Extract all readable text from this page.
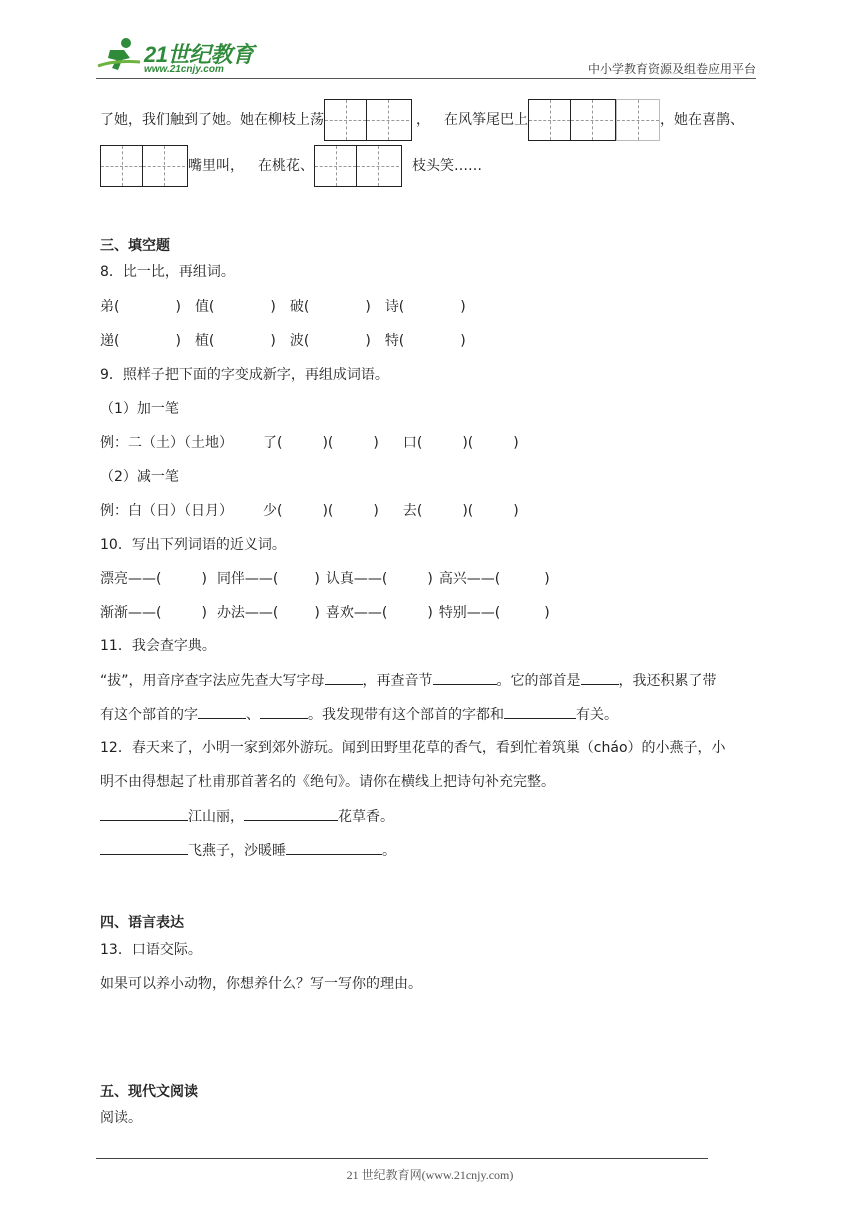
21世纪教育
www.21cnjy.com	中小学教育资源及组卷应用平台
了她，我们触到了她。她在柳枝上荡	， 在风筝尾巴上	，她在喜鹊、
嘴里叫， 在桃花、	枝头笑……
三、填空题
8．比一比，再组词。
弟(	) 值(	) 破(	) 诗(	)
递(	) 植(	) 波(	) 特(	)
9．照样子把下面的字变成新字，再组成词语。
（1）加一笔
例：二（土）（土地） 了(	)(	) 口(	)(	)
（2）减一笔
例：白（日）（日月） 少(	)(	) 去(	)(	)
10．写出下列词语的近义词。
漂亮——(	) 同伴——(	) 认真——(	) 高兴——(	)
渐渐——(	) 办法——(	) 喜欢——(	) 特别——(	)
11．我会查字典。
“拔”，用音序查字法应先查大写字母	，再查音节	。它的部首是	，我还积累了带
有这个部首的字	、	。我发现带有这个部首的字都和	有关。
12．春天来了，小明一家到郊外游玩。闻到田野里花草的香气，看到忙着筑巢（cháo）的小燕子，小
明不由得想起了杜甫那首著名的《绝句》。请你在横线上把诗句补充完整。
江山丽，	花草香。
飞燕子，沙暖睡	。
四、语言表达
13．口语交际。
如果可以养小动物，你想养什么？写一写你的理由。
五、现代文阅读
阅读。
21 世纪教育网(www.21cnjy.com)
